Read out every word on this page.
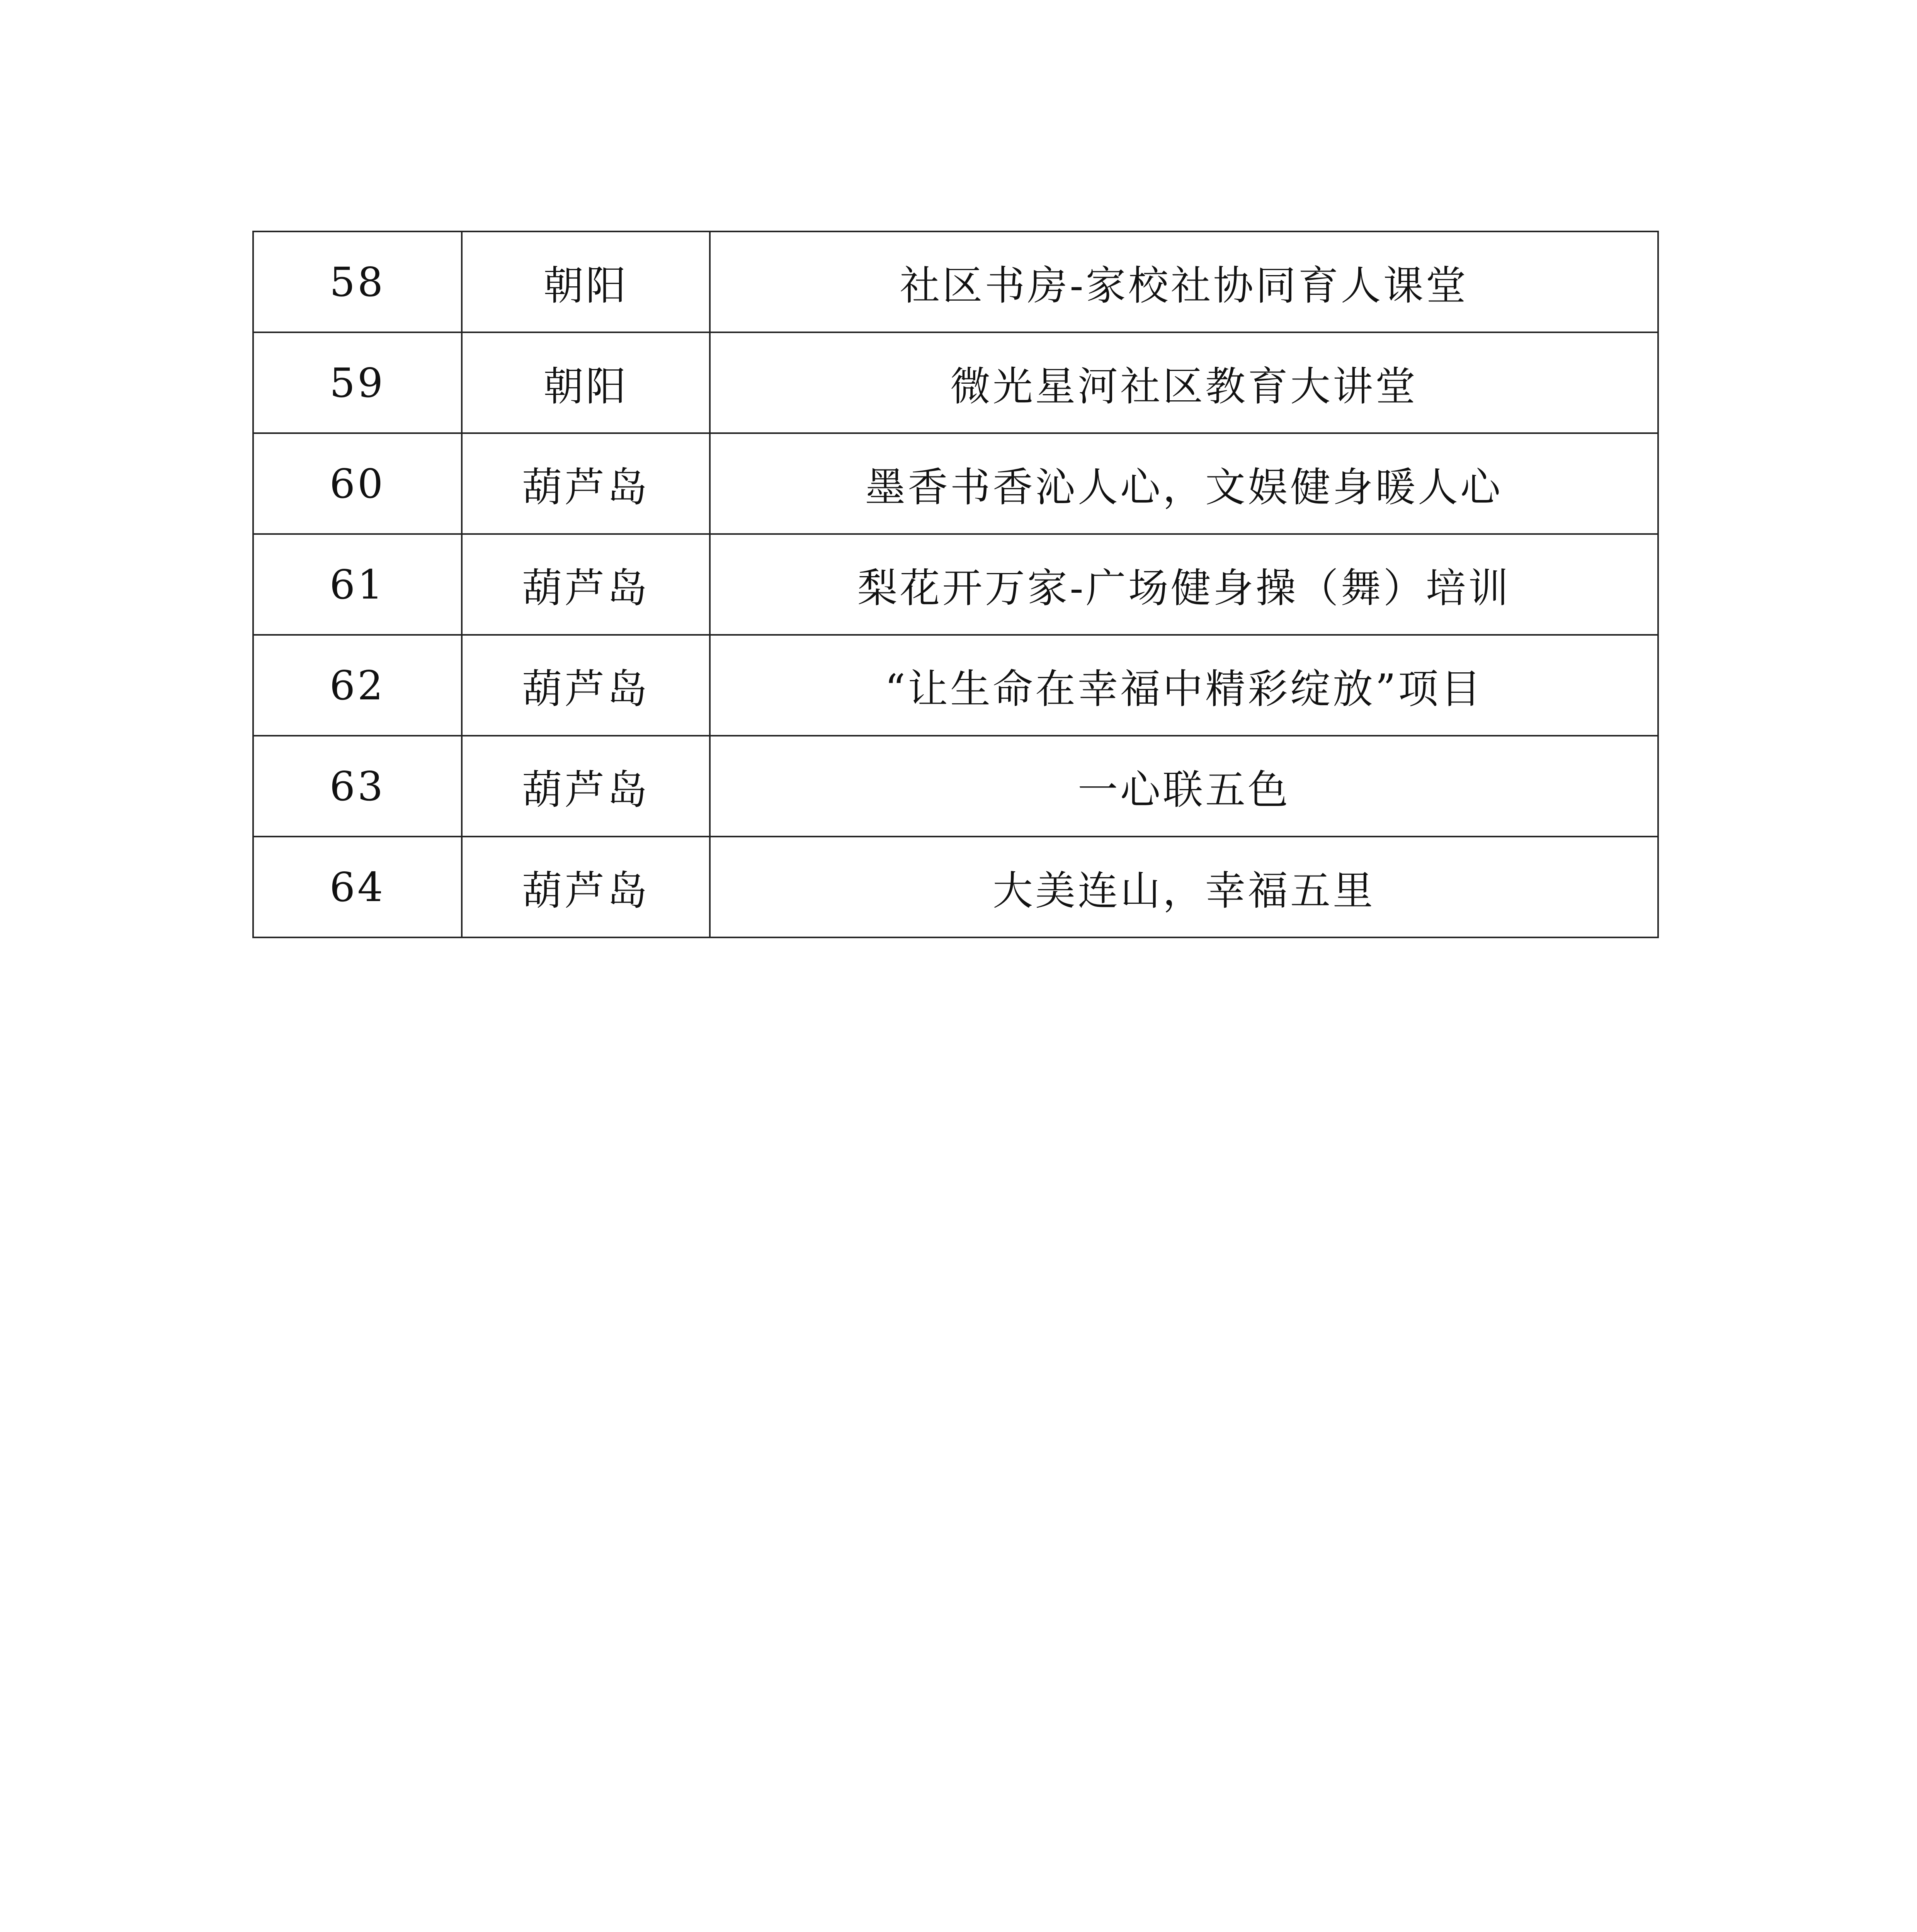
58	朝阳	社区书房-家校社协同育人课堂
59	朝阳	微光星河社区教育大讲堂
60	葫芦岛	墨香书香沁人心，文娱健身暖人心
61	葫芦岛	梨花开万家-广场健身操（舞）培训
62	葫芦岛	“让生命在幸福中精彩绽放”项目
63	葫芦岛	一心联五色
64	葫芦岛	大美连山，幸福五里
